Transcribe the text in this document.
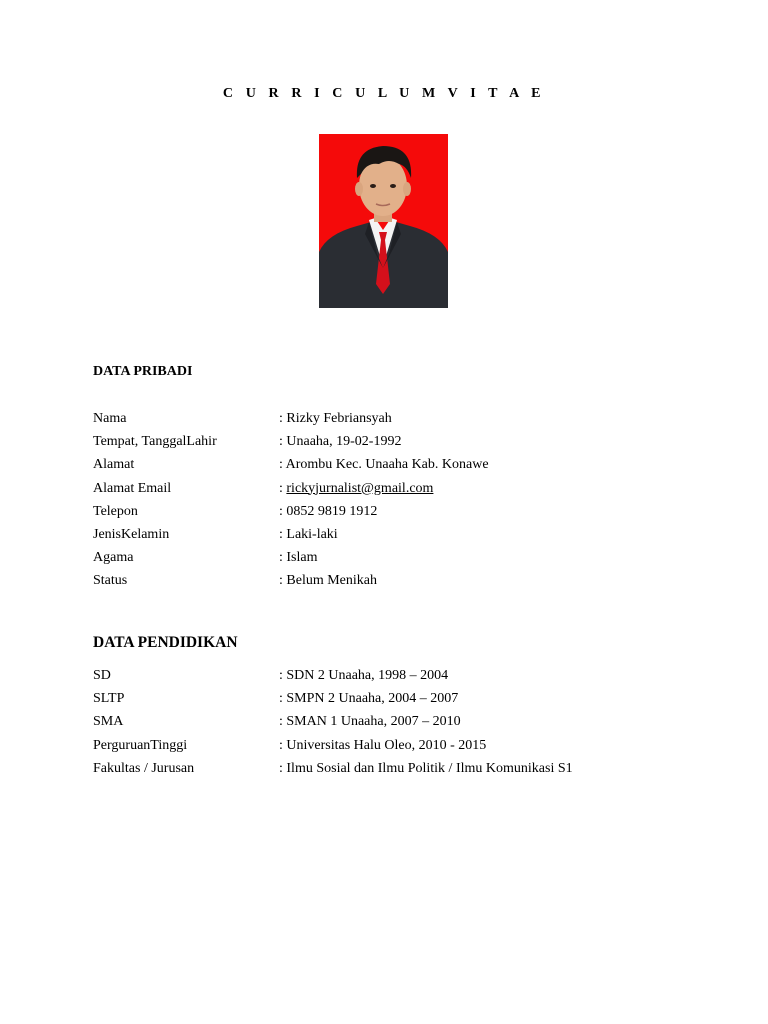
C U R R I C U L U M V I T A E
DATA PRIBADI
Nama	: Rizky Febriansyah
Tempat, TanggalLahir	: Unaaha, 19-02-1992
Alamat	: Arombu Kec. Unaaha Kab. Konawe
Alamat Email	: rickyjurnalist@gmail.com
Telepon	: 0852 9819 1912
JenisKelamin	: Laki-laki
Agama	: Islam
Status	: Belum Menikah
DATA PENDIDIKAN
SD	: SDN 2 Unaaha, 1998 – 2004
SLTP	: SMPN 2 Unaaha, 2004 – 2007
SMA	: SMAN 1 Unaaha, 2007 – 2010
PerguruanTinggi	: Universitas Halu Oleo, 2010 - 2015
Fakultas / Jurusan	: Ilmu Sosial dan Ilmu Politik / Ilmu Komunikasi S1
